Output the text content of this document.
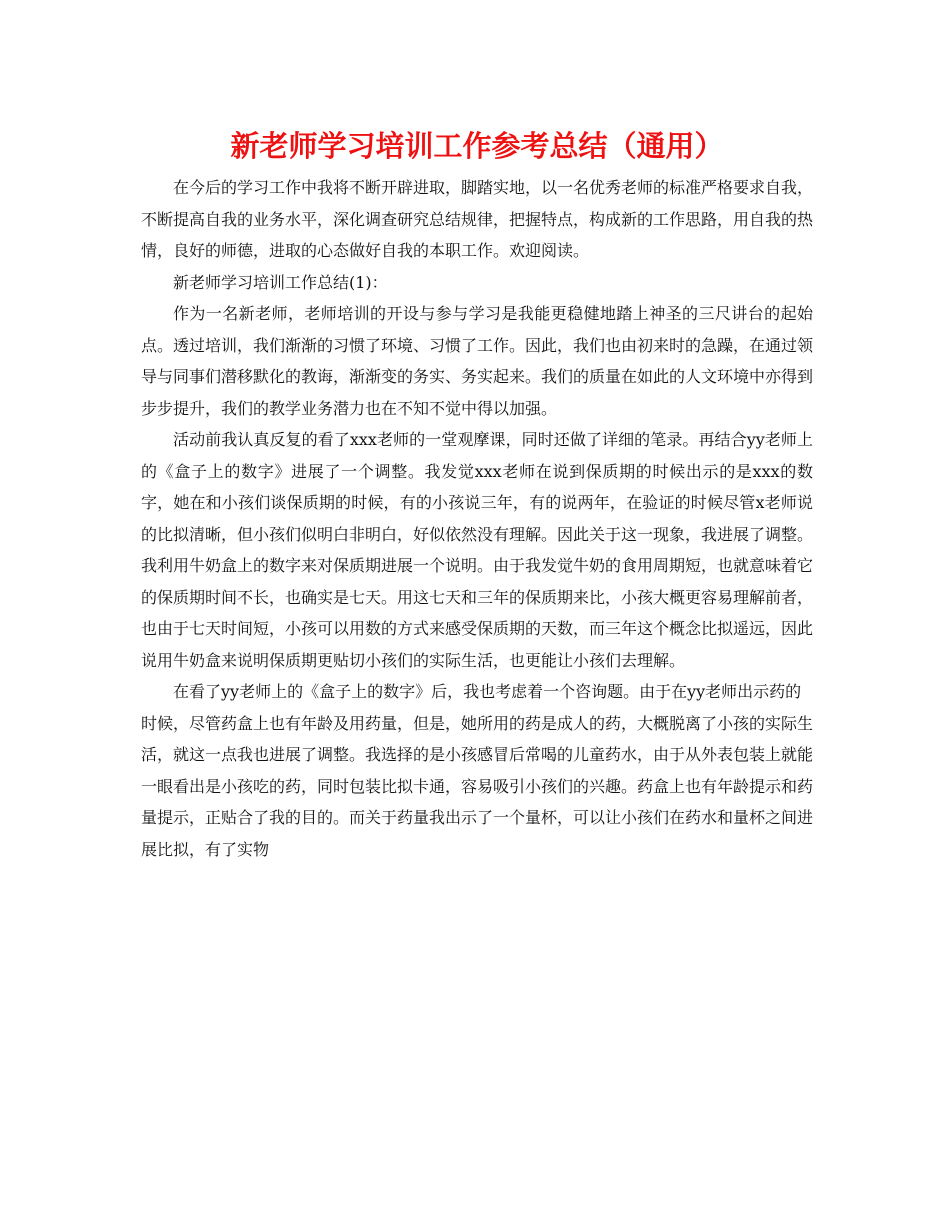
新老师学习培训工作参考总结（通用）

在今后的学习工作中我将不断开辟进取，脚踏实地，以一名优秀老师的标准严格要求自我，不断提高自我的业务水平，深化调查研究总结规律，把握特点，构成新的工作思路，用自我的热情，良好的师德，进取的心态做好自我的本职工作。欢迎阅读。

新老师学习培训工作总结(1)：

作为一名新老师，老师培训的开设与参与学习是我能更稳健地踏上神圣的三尺讲台的起始点。透过培训，我们渐渐的习惯了环境、习惯了工作。因此，我们也由初来时的急躁，在通过领导与同事们潜移默化的教诲，渐渐变的务实、务实起来。我们的质量在如此的人文环境中亦得到步步提升，我们的教学业务潜力也在不知不觉中得以加强。

活动前我认真反复的看了xxx老师的一堂观摩课，同时还做了详细的笔录。再结合yy老师上的《盒子上的数字》进展了一个调整。我发觉xxx老师在说到保质期的时候出示的是xxx的数字，她在和小孩们谈保质期的时候，有的小孩说三年，有的说两年，在验证的时候尽管x老师说的比拟清晰，但小孩们似明白非明白，好似依然没有理解。因此关于这一现象，我进展了调整。我利用牛奶盒上的数字来对保质期进展一个说明。由于我发觉牛奶的食用周期短，也就意味着它的保质期时间不长，也确实是七天。用这七天和三年的保质期来比，小孩大概更容易理解前者，也由于七天时间短，小孩可以用数的方式来感受保质期的天数，而三年这个概念比拟遥远，因此说用牛奶盒来说明保质期更贴切小孩们的实际生活，也更能让小孩们去理解。

在看了yy老师上的《盒子上的数字》后，我也考虑着一个咨询题。由于在yy老师出示药的时候，尽管药盒上也有年龄及用药量，但是，她所用的药是成人的药，大概脱离了小孩的实际生活，就这一点我也进展了调整。我选择的是小孩感冒后常喝的儿童药水，由于从外表包装上就能一眼看出是小孩吃的药，同时包装比拟卡通，容易吸引小孩们的兴趣。药盒上也有年龄提示和药量提示，正贴合了我的目的。而关于药量我出示了一个量杯，可以让小孩们在药水和量杯之间进展比拟，有了实物
